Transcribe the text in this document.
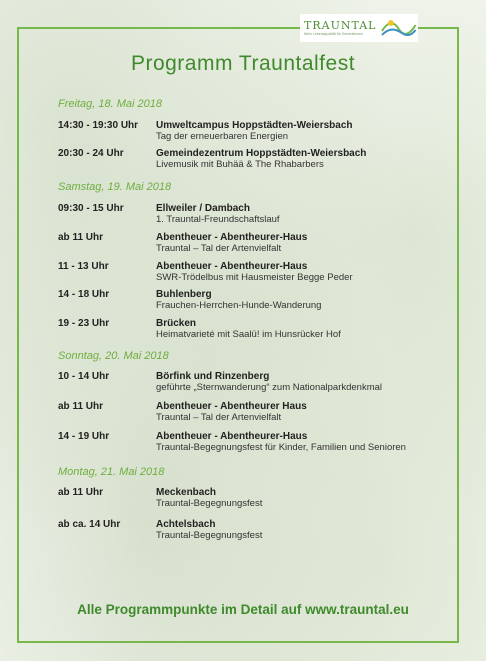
TRAUNTAL
Mehr Lebensqualität für Generationen
Programm Trauntalfest
Freitag, 18. Mai 2018
14:30 - 19:30 Uhr Umweltcampus Hoppstädten-Weiersbach
Tag der erneuerbaren Energien
20:30 - 24 Uhr	Gemeindezentrum Hoppstädten-Weiersbach
Livemusik mit Buhää & The Rhabarbers
Samstag, 19. Mai 2018
09:30 - 15 Uhr	Ellweiler / Dambach
1. Trauntal-Freundschaftslauf
ab 11 Uhr	Abentheuer - Abentheurer-Haus
Trauntal – Tal der Artenvielfalt
11 - 13 Uhr	Abentheuer - Abentheurer-Haus
SWR-Trödelbus mit Hausmeister Begge Peder
14 - 18 Uhr	Buhlenberg
Frauchen-Herrchen-Hunde-Wanderung
19 - 23 Uhr	Brücken
Heimatvarieté mit Saalü! im Hunsrücker Hof
Sonntag, 20. Mai 2018
10 - 14 Uhr	Börfink und Rinzenberg
geführte „Sternwanderung“ zum Nationalparkdenkmal
ab 11 Uhr	Abentheuer - Abentheurer Haus
Trauntal – Tal der Artenvielfalt
14 - 19 Uhr	Abentheuer - Abentheurer-Haus
Trauntal-Begegnungsfest für Kinder, Familien und Senioren
Montag, 21. Mai 2018
ab 11 Uhr	Meckenbach
Trauntal-Begegnungsfest
ab ca. 14 Uhr	Achtelsbach
Trauntal-Begegnungsfest
Alle Programmpunkte im Detail auf www.trauntal.eu
